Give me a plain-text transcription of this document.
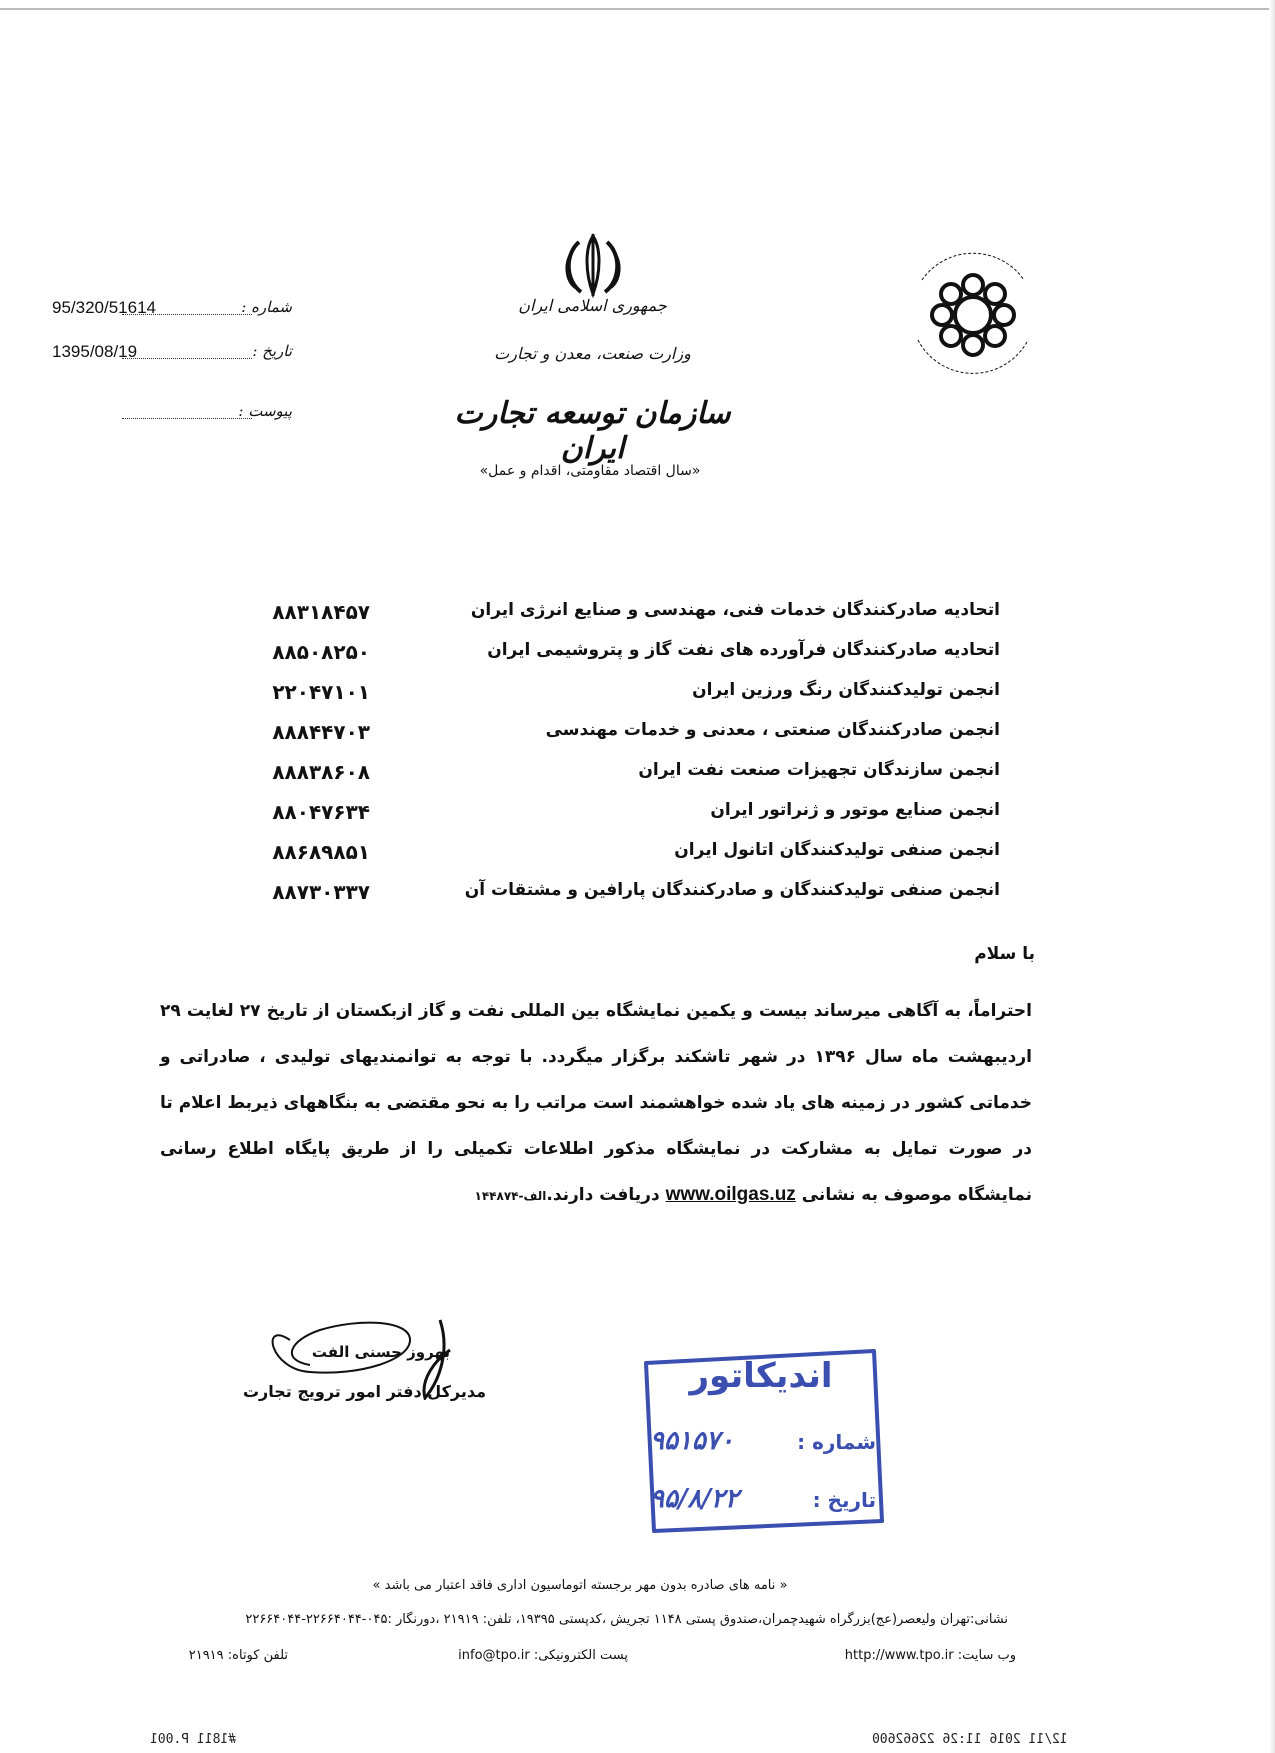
جمهوری اسلامی ایران
وزارت صنعت، معدن و تجارت
سازمان توسعه تجارت ایران
«سال اقتصاد مقاومتی، اقدام و عمل»
95/320/51614	شماره :
1395/08/19	تاریخ :
پیوست :
اتحادیه صادرکنندگان خدمات فنی، مهندسی و صنایع انرژی ایران
۸۸۳۱۸۴۵۷
اتحادیه صادرکنندگان فرآورده های نفت گاز و پتروشیمی ایران
۸۸۵۰۸۲۵۰
انجمن تولیدکنندگان رنگ ورزین ایران
۲۲۰۴۷۱۰۱
انجمن صادرکنندگان صنعتی ، معدنی و خدمات مهندسی
۸۸۸۴۴۷۰۳
انجمن سازندگان تجهیزات صنعت نفت ایران
۸۸۸۳۸۶۰۸
انجمن صنایع موتور و ژنراتور ایران
۸۸۰۴۷۶۳۴
انجمن صنفی تولیدکنندگان اتانول ایران
۸۸۶۸۹۸۵۱
انجمن صنفی تولیدکنندگان و صادرکنندگان پارافین و مشتقات آن
۸۸۷۳۰۳۳۷
با سلام
احتراماً، به آگاهی میرساند بیست و یکمین نمایشگاه بین المللی نفت و گاز ازبکستان از تاریخ ۲۷ لغایت ۲۹ اردیبهشت ماه سال ۱۳۹۶ در شهر تاشکند برگزار میگردد. با توجه به توانمندیهای تولیدی ، صادراتی و خدماتی کشور در زمینه های یاد شده خواهشمند است مراتب را به نحو مقتضی به بنگاههای ذیربط اعلام تا در صورت تمایل به مشارکت در نمایشگاه مذکور اطلاعات تکمیلی را از طریق پایگاه اطلاع رسانی نمایشگاه موصوف به نشانی www.oilgas.uz دریافت دارند.الف-۱۴۴۸۷۴
بهروز حسنی الفت
مدیرکل دفتر امور ترویج تجارت	اندیکاتور
شماره :
۹۵۱۵۷۰
تاریخ :
۹۵/۸/۲۲
« نامه های صادره بدون مهر برجسته اتوماسیون اداری فاقد اعتبار می باشد »
نشانی:تهران ولیعصر(عج)بزرگراه شهیدچمران،صندوق پستی ۱۱۴۸ تجریش ،کدپستی ۱۹۳۹۵، تلفن: ۲۱۹۱۹ ،دورنگار :۰۴۵-۲۲۶۶۴۰۴۴-۲۲۶۶۴۰۴۴
وب سایت: http://www.tpo.ir
پست الکترونیکی: info@tpo.ir
تلفن کوتاه: ۲۱۹۱۹
#1811 P.001	12/11 2016 11:26 22662600
